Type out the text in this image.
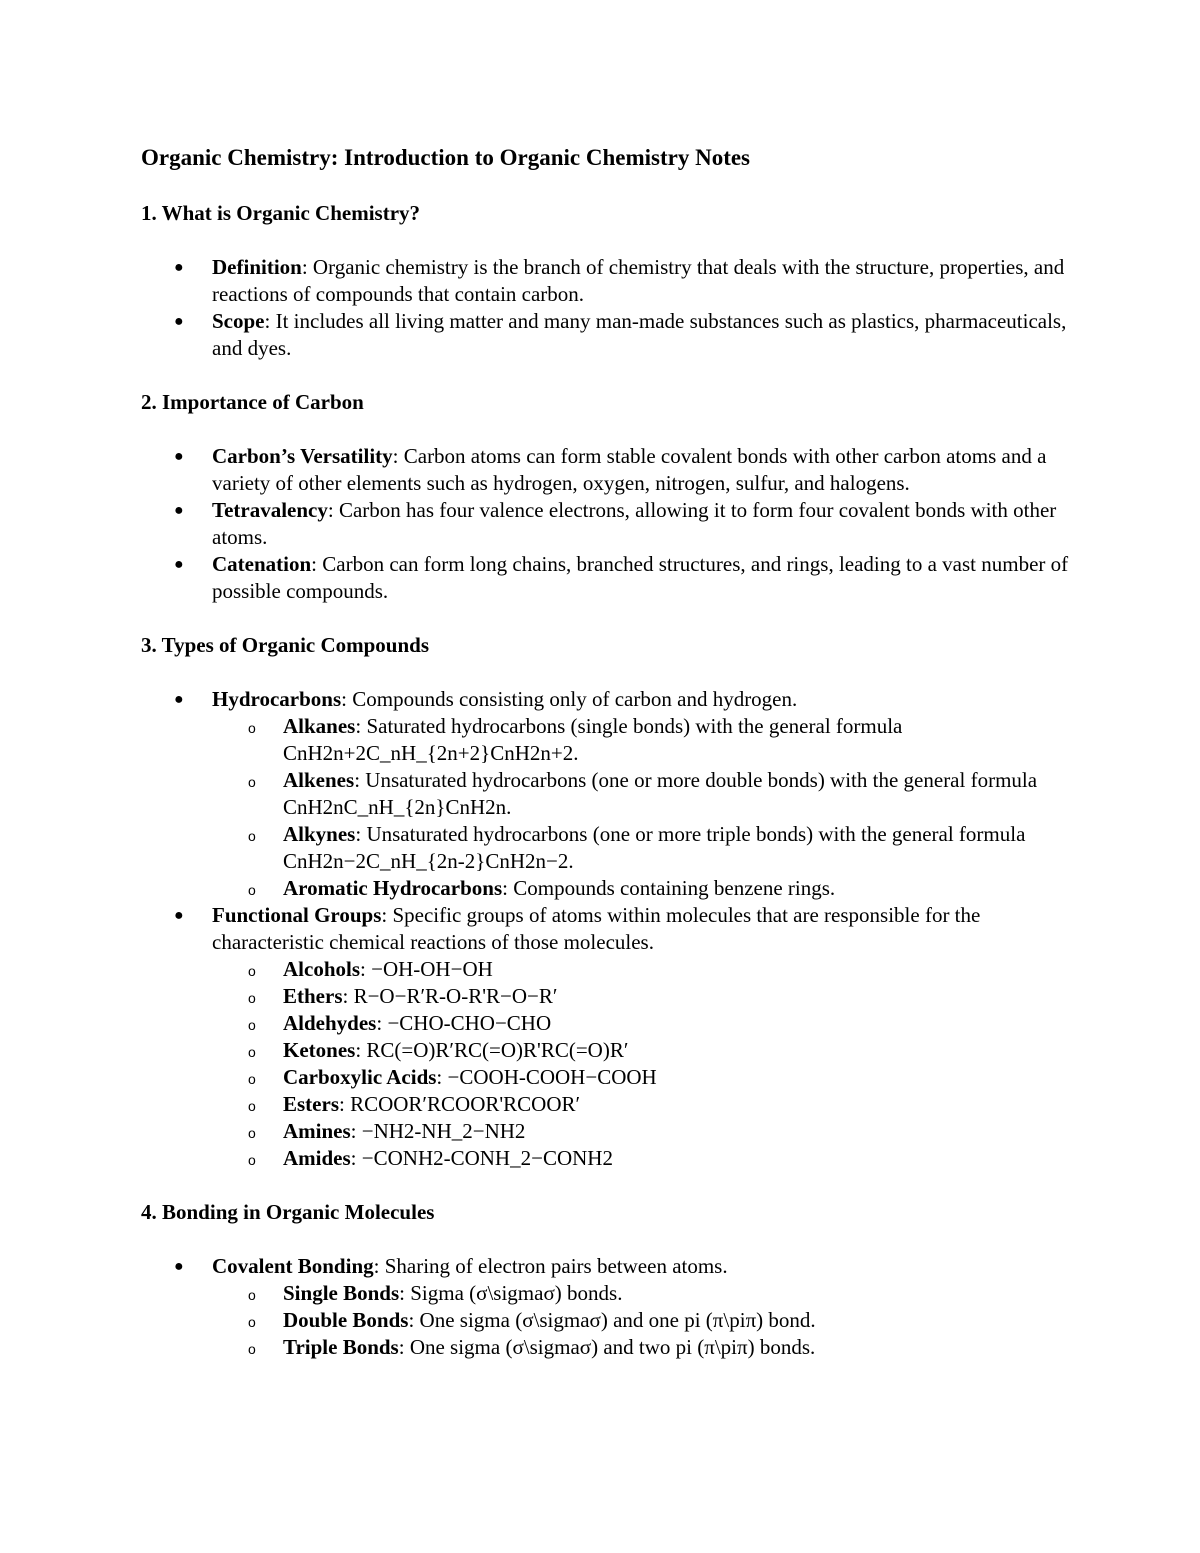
Organic Chemistry: Introduction to Organic Chemistry Notes
1. What is Organic Chemistry?
● Definition: Organic chemistry is the branch of chemistry that deals with the structure, properties, and reactions of compounds that contain carbon.
● Scope: It includes all living matter and many man-made substances such as plastics, pharmaceuticals, and dyes.
2. Importance of Carbon
● Carbon’s Versatility: Carbon atoms can form stable covalent bonds with other carbon atoms and a variety of other elements such as hydrogen, oxygen, nitrogen, sulfur, and halogens.
● Tetravalency: Carbon has four valence electrons, allowing it to form four covalent bonds with other atoms.
● Catenation: Carbon can form long chains, branched structures, and rings, leading to a vast number of possible compounds.
3. Types of Organic Compounds
● Hydrocarbons: Compounds consisting only of carbon and hydrogen.
o Alkanes: Saturated hydrocarbons (single bonds) with the general formula CnH2n+2C_nH_{2n+2}CnH2n+2.
o Alkenes: Unsaturated hydrocarbons (one or more double bonds) with the general formula CnH2nC_nH_{2n}CnH2n.
o Alkynes: Unsaturated hydrocarbons (one or more triple bonds) with the general formula CnH2n−2C_nH_{2n-2}CnH2n−2.
o Aromatic Hydrocarbons: Compounds containing benzene rings.
● Functional Groups: Specific groups of atoms within molecules that are responsible for the characteristic chemical reactions of those molecules.
o Alcohols: −OH-OH−OH
o Ethers: R−O−R′R-O-R'R−O−R′
o Aldehydes: −CHO-CHO−CHO
o Ketones: RC(=O)R′RC(=O)R'RC(=O)R′
o Carboxylic Acids: −COOH-COOH−COOH
o Esters: RCOOR′RCOOR'RCOOR′
o Amines: −NH2-NH_2−NH2
o Amides: −CONH2-CONH_2−CONH2
4. Bonding in Organic Molecules
● Covalent Bonding: Sharing of electron pairs between atoms.
o Single Bonds: Sigma (σ\sigmaσ) bonds.
o Double Bonds: One sigma (σ\sigmaσ) and one pi (π\piπ) bond.
o Triple Bonds: One sigma (σ\sigmaσ) and two pi (π\piπ) bonds.
